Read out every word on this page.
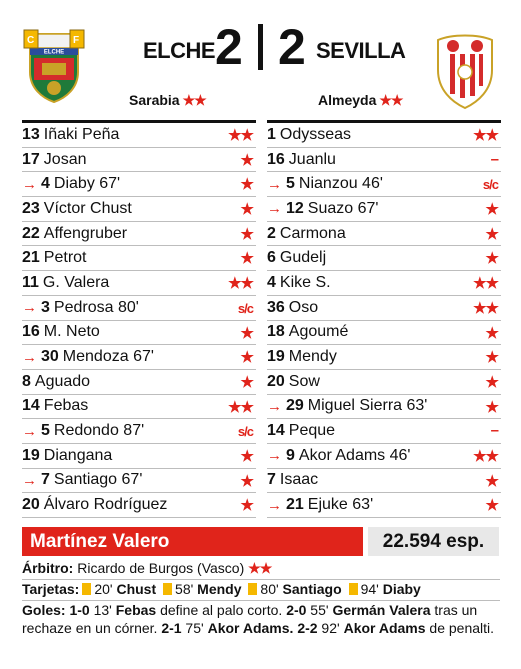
C	F
ELCHE	ELCHE 2 2 SEVILLA
Sarabia ★★	Almeyda ★★
13 Iñaki Peña	★★
17 Josan	★
→ 4 Diaby 67'	★
23 Víctor Chust	★
22 Affengruber	★
21 Petrot	★
11 G. Valera	★★
→ 3 Pedrosa 80'	s/c
16 M. Neto	★
→ 30 Mendoza 67'	★
8 Aguado	★
14 Febas	★★
→ 5 Redondo 87'	s/c
19 Diangana	★
→ 7 Santiago 67'	★
20 Álvaro Rodríguez	★
1 Odysseas	★★
16 Juanlu	–
→ 5 Nianzou 46'	s/c
→ 12 Suazo 67'	★
2 Carmona	★
6 Gudelj	★
4 Kike S.	★★
36 Oso	★★
18 Agoumé	★
19 Mendy	★
20 Sow	★
→ 29 Miguel Sierra 63'	★
14 Peque	–
→ 9 Akor Adams 46'	★★
7 Isaac	★
→ 21 Ejuke 63'	★
Martínez Valero	22.594 esp.
Árbitro: Ricardo de Burgos (Vasco) ★★
Tarjetas: 20' Chust 58' Mendy 80' Santiago 94' Diaby
Goles: 1-0 13' Febas define al palo corto. 2-0 55' Germán Valera tras un rechaze en un córner. 2-1 75' Akor Adams. 2-2 92' Akor Adams de penalti.
